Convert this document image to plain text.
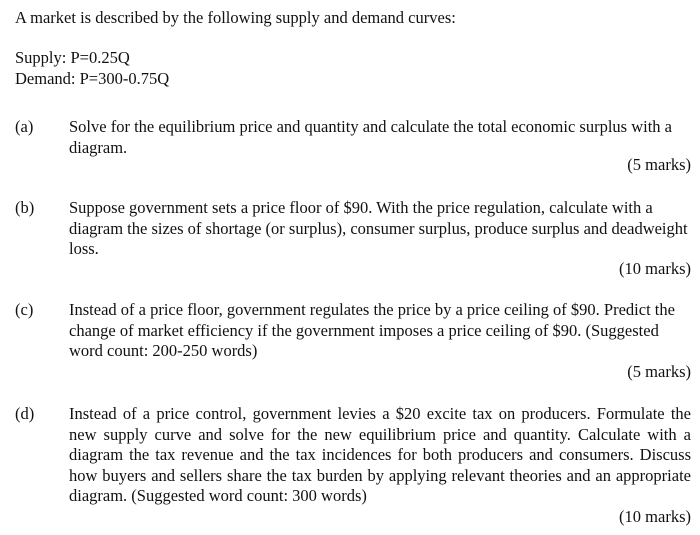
A market is described by the following supply and demand curves:
Supply: P=0.25Q
Demand: P=300-0.75Q
(a) Solve for the equilibrium price and quantity and calculate the total economic surplus with a diagram.
(5 marks)
(b) Suppose government sets a price floor of $90. With the price regulation, calculate with a diagram the sizes of shortage (or surplus), consumer surplus, produce surplus and deadweight loss.
(10 marks)
(c) Instead of a price floor, government regulates the price by a price ceiling of $90. Predict the change of market efficiency if the government imposes a price ceiling of $90. (Suggested word count: 200-250 words)
(5 marks)
(d) Instead of a price control, government levies a $20 excite tax on producers. Formulate the new supply curve and solve for the new equilibrium price and quantity. Calculate with a diagram the tax revenue and the tax incidences for both producers and consumers. Discuss how buyers and sellers share the tax burden by applying relevant theories and an appropriate diagram. (Suggested word count: 300 words)
(10 marks)
